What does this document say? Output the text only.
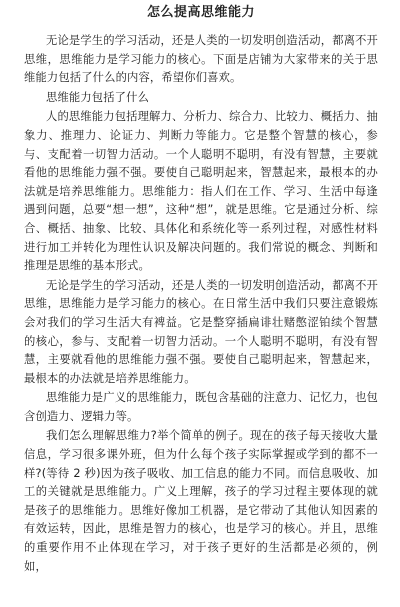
怎么提高思维能力

无论是学生的学习活动，还是人类的一切发明创造活动，都离不开思维，思维能力是学习能力的核心。下面是店铺为大家带来的关于思维能力包括了什么的内容，希望你们喜欢。

思维能力包括了什么

人的思维能力包括理解力、分析力、综合力、比较力、概括力、抽象力、推理力、论证力、判断力等能力。它是整个智慧的核心，参与、支配着一切智力活动。一个人聪明不聪明，有没有智慧，主要就看他的思维能力强不强。要使自己聪明起来，智慧起来，最根本的办法就是培养思维能力。思维能力：指人们在工作、学习、生活中每逢遇到问题，总要“想一想”，这种“想”，就是思维。它是通过分析、综合、概括、抽象、比较、具体化和系统化等一系列过程，对感性材料进行加工并转化为理性认识及解决问题的。我们常说的概念、判断和推理是思维的基本形式。

无论是学生的学习活动，还是人类的一切发明创造活动，都离不开思维，思维能力是学习能力的核心。在日常生活中我们只要注意锻炼会对我们的学习生活大有裨益。它是整穿插扁诽壮赌憋涩铂续个智慧的核心，参与、支配着一切智力活动。一个人聪明不聪明，有没有智慧，主要就看他的思维能力强不强。要使自己聪明起来，智慧起来，最根本的办法就是培养思维能力。

思维能力是广义的思维能力，既包含基础的注意力、记忆力，也包含创造力、逻辑力等。

我们怎么理解思维力?举个简单的例子。现在的孩子每天接收大量信息，学习很多课外班，但为什么每个孩子实际掌握或学到的都不一样?(等待 2 秒)因为孩子吸收、加工信息的能力不同。而信息吸收、加工的关键就是思维能力。广义上理解，孩子的学习过程主要体现的就是孩子的思维能力。思维好像加工机器，是它带动了其他认知因素的有效运转，因此，思维是智力的核心，也是学习的核心。并且，思维的重要作用不止体现在学习，对于孩子更好的生活都是必须的，例如，
